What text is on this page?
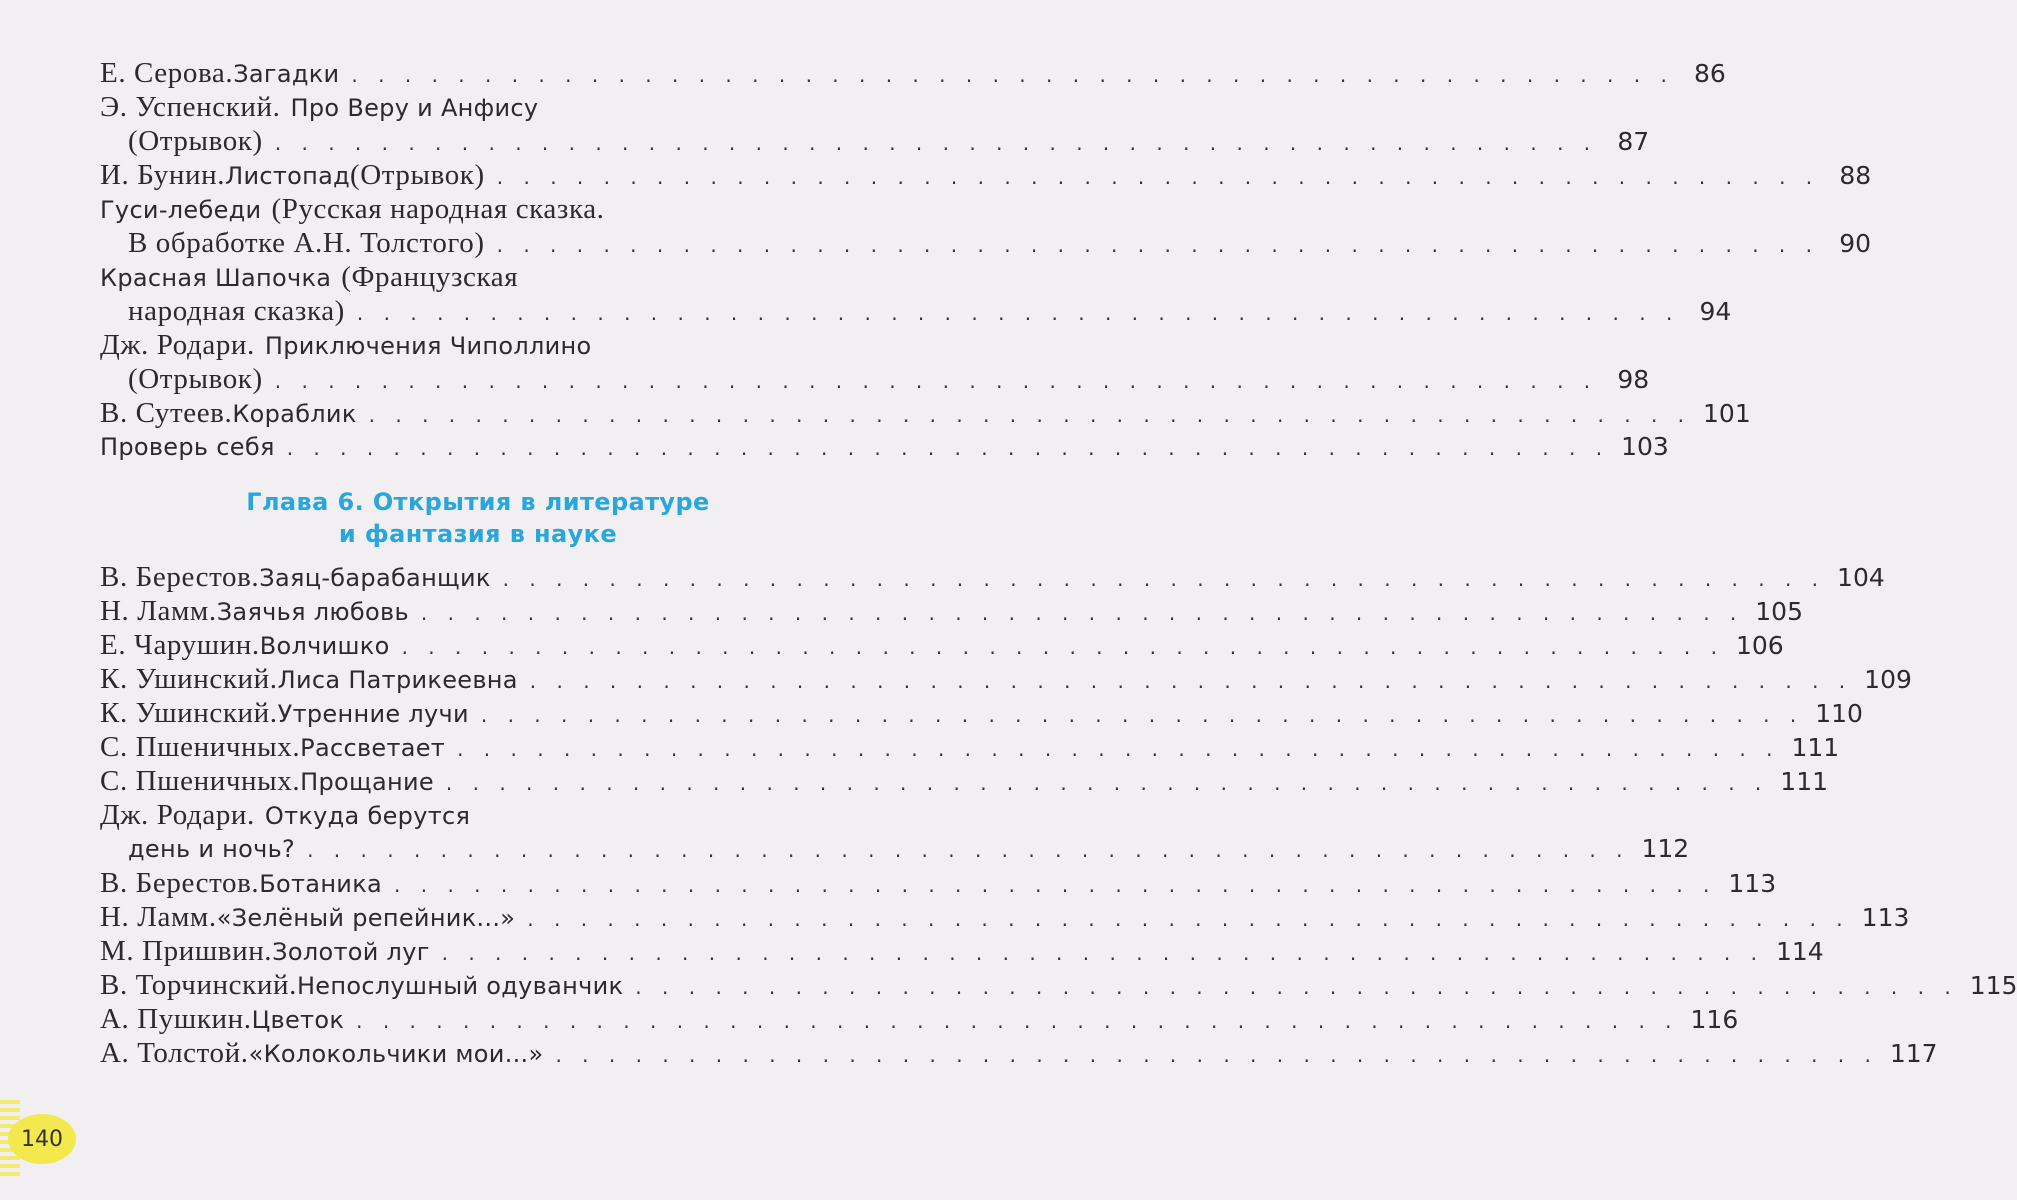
Е. Серова. Загадки . . . . . . . . . . . . . . . . . . . . . . . . . . . . . . . . . . . . . . . . . . . . . . . . . . 86
Э. Успенский. Про Веру и Анфису
(Отрывок) . . . . . . . . . . . . . . . . . . . . . . . . . . . . . . . . . . . . . . . . . . . . . . . . . . 87
И. Бунин. Листопад (Отрывок) . . . . . . . . . . . . . . . . . . . . . . . . . . . . . . . . . . . . . . . . . . . . . . . . . . 88
Гуси-лебеди (Русская народная сказка.
В обработке А.Н. Толстого) . . . . . . . . . . . . . . . . . . . . . . . . . . . . . . . . . . . . . . . . . . . . . . . . . . 90
Красная Шапочка (Французская
народная сказка) . . . . . . . . . . . . . . . . . . . . . . . . . . . . . . . . . . . . . . . . . . . . . . . . . . 94
Дж. Родари. Приключения Чиполлино
(Отрывок) . . . . . . . . . . . . . . . . . . . . . . . . . . . . . . . . . . . . . . . . . . . . . . . . . . 98
В. Сутеев. Кораблик . . . . . . . . . . . . . . . . . . . . . . . . . . . . . . . . . . . . . . . . . . . . . . . . . . 101
Проверь себя . . . . . . . . . . . . . . . . . . . . . . . . . . . . . . . . . . . . . . . . . . . . . . . . . . 103
Глава 6. Открытия в литературе
и фантазия в науке
В. Берестов. Заяц-барабанщик . . . . . . . . . . . . . . . . . . . . . . . . . . . . . . . . . . . . . . . . . . . . . . . . . . 104
Н. Ламм. Заячья любовь . . . . . . . . . . . . . . . . . . . . . . . . . . . . . . . . . . . . . . . . . . . . . . . . . . 105
Е. Чарушин. Волчишко . . . . . . . . . . . . . . . . . . . . . . . . . . . . . . . . . . . . . . . . . . . . . . . . . . 106
К. Ушинский. Лиса Патрикеевна . . . . . . . . . . . . . . . . . . . . . . . . . . . . . . . . . . . . . . . . . . . . . . . . . . 109
К. Ушинский. Утренние лучи . . . . . . . . . . . . . . . . . . . . . . . . . . . . . . . . . . . . . . . . . . . . . . . . . . 110
С. Пшеничных. Рассветает . . . . . . . . . . . . . . . . . . . . . . . . . . . . . . . . . . . . . . . . . . . . . . . . . . 111
С. Пшеничных. Прощание . . . . . . . . . . . . . . . . . . . . . . . . . . . . . . . . . . . . . . . . . . . . . . . . . . 111
Дж. Родари. Откуда берутся
день и ночь? . . . . . . . . . . . . . . . . . . . . . . . . . . . . . . . . . . . . . . . . . . . . . . . . . . 112
В. Берестов. Ботаника . . . . . . . . . . . . . . . . . . . . . . . . . . . . . . . . . . . . . . . . . . . . . . . . . . 113
Н. Ламм. «Зелёный репейник...» . . . . . . . . . . . . . . . . . . . . . . . . . . . . . . . . . . . . . . . . . . . . . . . . . . 113
М. Пришвин. Золотой луг . . . . . . . . . . . . . . . . . . . . . . . . . . . . . . . . . . . . . . . . . . . . . . . . . . 114
В. Торчинский. Непослушный одуванчик . . . . . . . . . . . . . . . . . . . . . . . . . . . . . . . . . . . . . . . . . . . . . . . . . . 115
А. Пушкин. Цветок . . . . . . . . . . . . . . . . . . . . . . . . . . . . . . . . . . . . . . . . . . . . . . . . . . 116
А. Толстой. «Колокольчики мои...» . . . . . . . . . . . . . . . . . . . . . . . . . . . . . . . . . . . . . . . . . . . . . . . . . . 117
140
